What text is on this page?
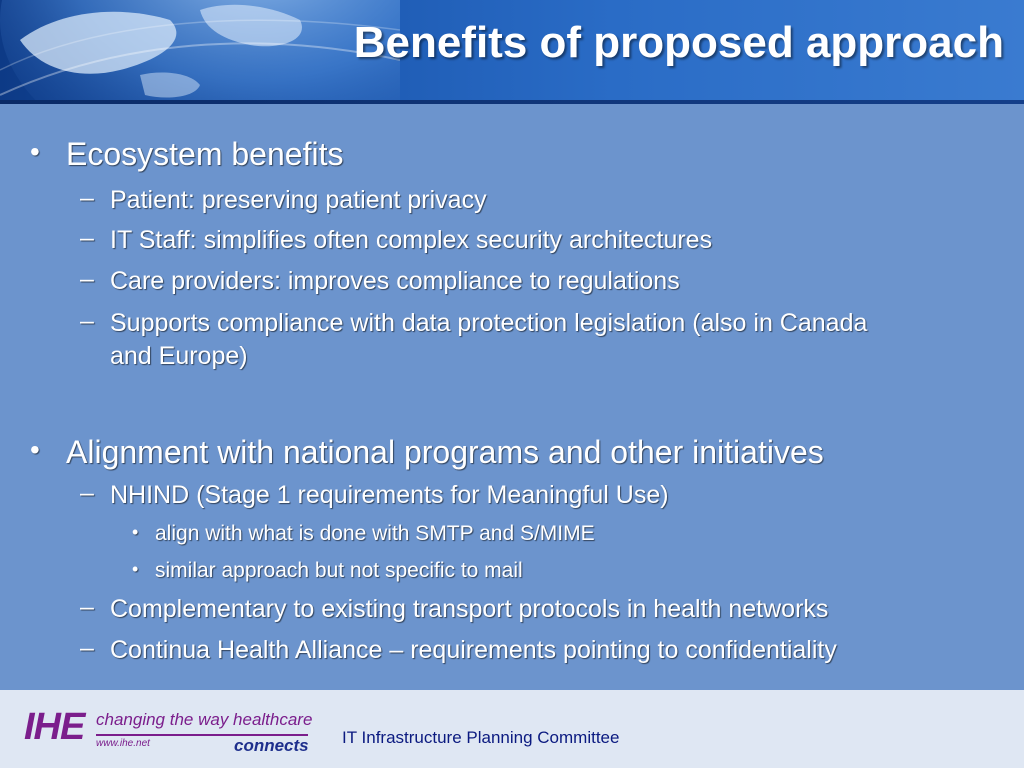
Benefits of proposed approach
• Ecosystem benefits
– Patient: preserving patient privacy
– IT Staff: simplifies often complex security architectures
– Care providers: improves compliance to regulations
– Supports compliance with data protection legislation (also in Canada
and Europe)
• Alignment with national programs and other initiatives
– NHIND (Stage 1 requirements for Meaningful Use)
• align with what is done with SMTP and S/MIME
• similar approach but not specific to mail
– Complementary to existing transport protocols in health networks
– Continua Health Alliance – requirements pointing to confidentiality
IHE changing the way healthcare
www.ihe.net	connects IT Infrastructure Planning Committee
